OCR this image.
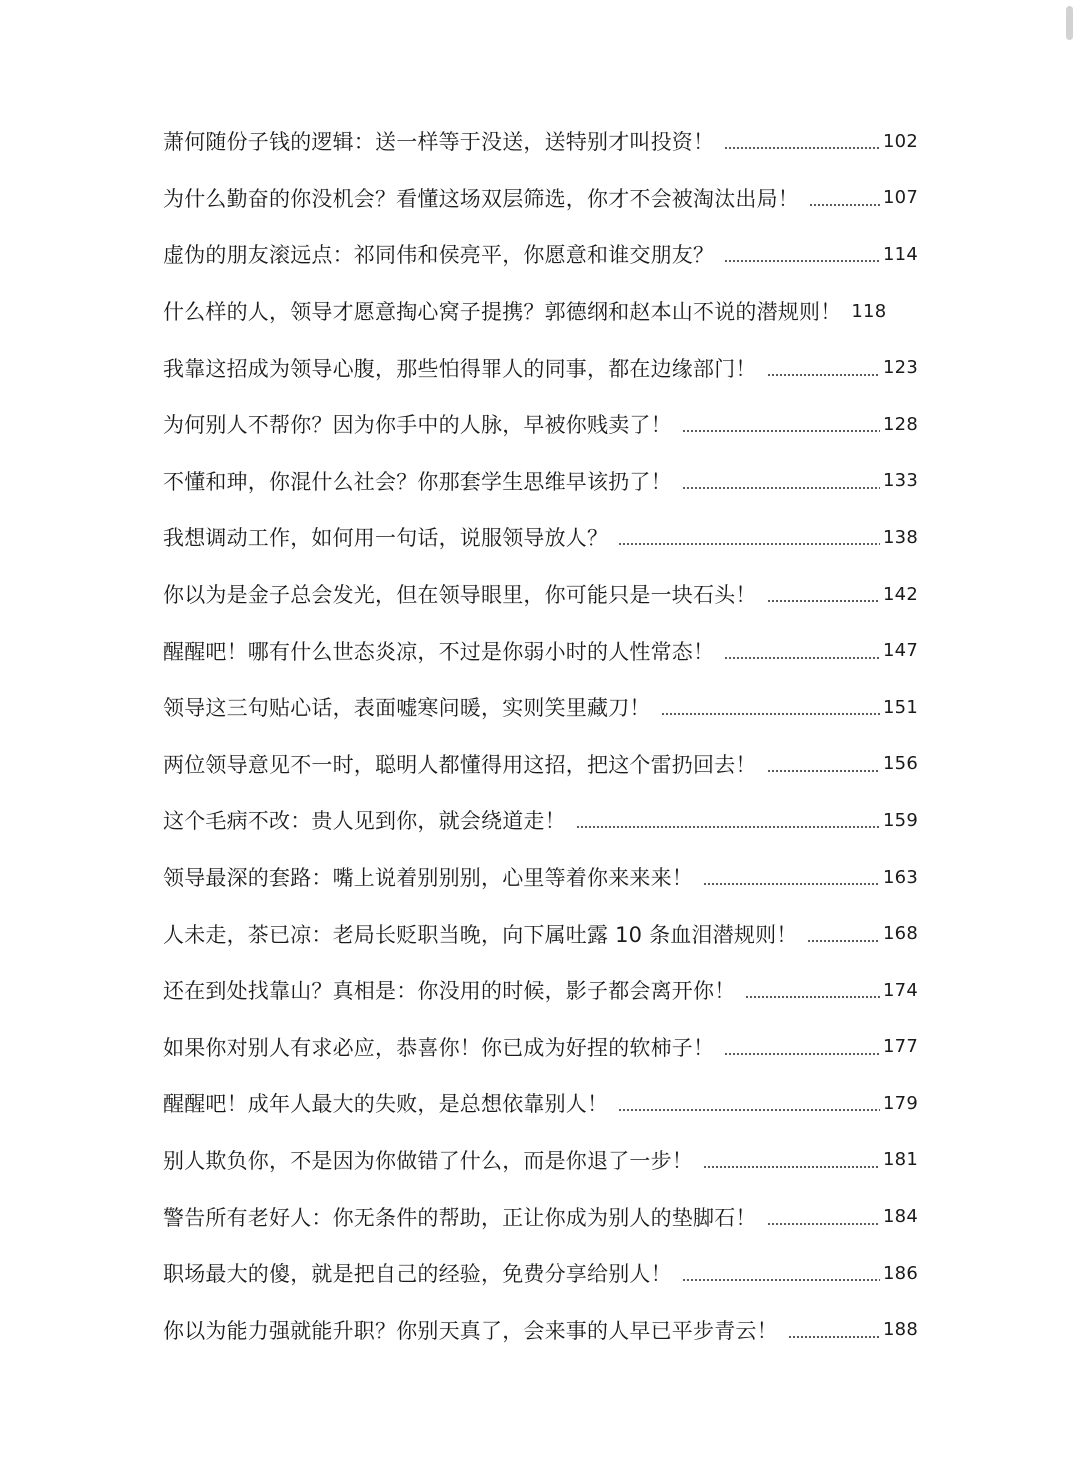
萧何随份子钱的逻辑：送一样等于没送，送特别才叫投资！	102
为什么勤奋的你没机会？看懂这场双层筛选，你才不会被淘汰出局！	107
虚伪的朋友滚远点：祁同伟和侯亮平，你愿意和谁交朋友？	114
什么样的人，领导才愿意掏心窝子提携？郭德纲和赵本山不说的潜规则！ 118
我靠这招成为领导心腹，那些怕得罪人的同事，都在边缘部门！	123
为何别人不帮你？因为你手中的人脉，早被你贱卖了！	128
不懂和珅，你混什么社会？你那套学生思维早该扔了！	133
我想调动工作，如何用一句话，说服领导放人？	138
你以为是金子总会发光，但在领导眼里，你可能只是一块石头！	142
醒醒吧！哪有什么世态炎凉，不过是你弱小时的人性常态！	147
领导这三句贴心话，表面嘘寒问暖，实则笑里藏刀！	151
两位领导意见不一时，聪明人都懂得用这招，把这个雷扔回去！	156
这个毛病不改：贵人见到你，就会绕道走！	159
领导最深的套路：嘴上说着别别别，心里等着你来来来！	163
人未走，茶已凉：老局长贬职当晚，向下属吐露 10 条血泪潜规则！	168
还在到处找靠山？真相是：你没用的时候，影子都会离开你！	174
如果你对别人有求必应，恭喜你！你已成为好捏的软柿子！	177
醒醒吧！成年人最大的失败，是总想依靠别人！	179
别人欺负你，不是因为你做错了什么，而是你退了一步！	181
警告所有老好人：你无条件的帮助，正让你成为别人的垫脚石！	184
职场最大的傻，就是把自己的经验，免费分享给别人！	186
你以为能力强就能升职？你别天真了，会来事的人早已平步青云！	188
